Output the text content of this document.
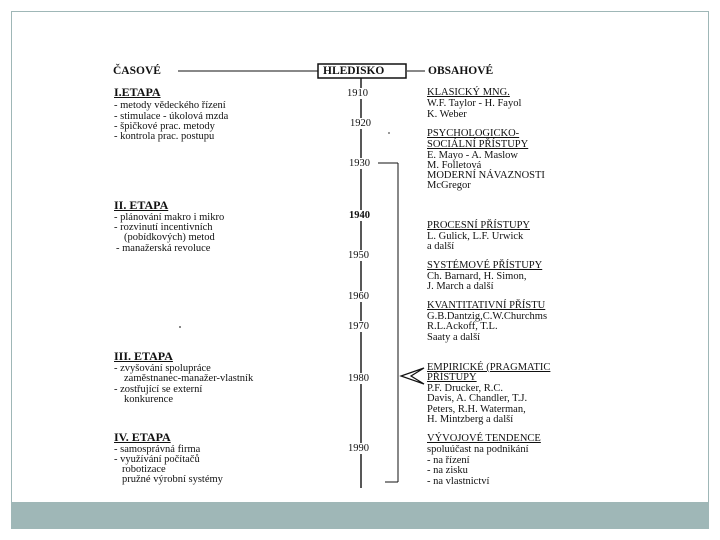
ČASOVÉ	HLEDISKO	OBSAHOVÉ
I.ETAPA
- metody vědeckého řízení
- stimulace - úkolová mzda
- špičkové prac. metody
- kontrola prac. postupu
II. ETAPA
- plánování makro i mikro
- rozvinutí incentivních
(pobídkových) metod
- manažerská revoluce
III. ETAPA
- zvyšování spolupráce
zaměstnanec-manažer-vlastník
- zostřující se externí
konkurence
IV. ETAPA
- samosprávná firma
- využívání počítačů
robotizace
pružné výrobní systémy
1910
1920
1930
1940
1950
1960
1970
1980
1990
KLASICKÝ MNG.
W.F. Taylor - H. Fayol
K. Weber
PSYCHOLOGICKO-
SOCIÁLNÍ PŘÍSTUPY
E. Mayo - A. Maslow
M. Folletová
MODERNÍ NÁVAZNOSTI
McGregor
PROCESNÍ PŘÍSTUPY
L. Gulick, L.F. Urwick
a další
SYSTÉMOVÉ PŘÍSTUPY
Ch. Barnard, H. Simon,
J. March a další
KVANTITATIVNÍ PŘÍSTU
G.B.Dantzig,C.W.Churchms
R.L.Ackoff, T.L.
Saaty a další
EMPIRICKÉ (PRAGMATIC
PŘÍSTUPY
P.F. Drucker, R.C.
Davis, A. Chandler, T.J.
Peters, R.H. Waterman,
H. Mintzberg a další
VÝVOJOVÉ TENDENCE
spoluúčast na podnikání
- na řízení
- na zisku
- na vlastnictví
